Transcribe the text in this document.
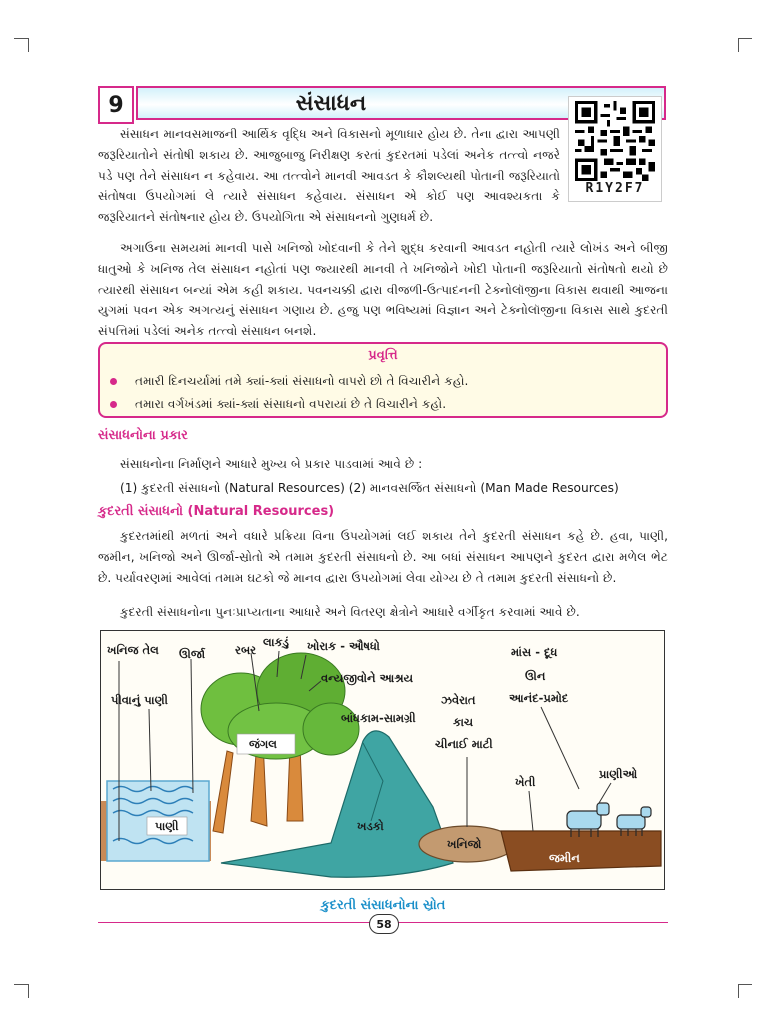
9	સંસાધન
R1Y2F7

સંસાધન માનવસમાજની આર્થિક વૃદ્ધિ અને વિકાસનો મૂળાધાર હોય છે. તેના દ્વારા આપણી જરૂરિયાતોને સંતોષી શકાય છે. આજુબાજુ નિરીક્ષણ કરતાં કુદરતમાં પડેલાં અનેક તત્ત્વો નજરે પડે પણ તેને સંસાધન ન કહેવાય. આ તત્ત્વોને માનવી આવડત કે કૌશલ્યથી પોતાની જરૂરિયાતો સંતોષવા ઉપયોગમાં લે ત્યારે સંસાધન કહેવાય. સંસાધન એ કોઈ પણ આવશ્યકતા કે જરૂરિયાતને સંતોષનાર હોય છે. ઉપયોગિતા એ સંસાધનનો ગુણધર્મ છે.

અગાઉના સમયમાં માનવી પાસે ખનિજો ખોદવાની કે તેને શુદ્ધ કરવાની આવડત નહોતી ત્યારે લોખંડ અને બીજી ધાતુઓ કે ખનિજ તેલ સંસાધન નહોતાં પણ જ્યારથી માનવી તે ખનિજોને ખોદી પોતાની જરૂરિયાતો સંતોષતો થયો છે ત્યારથી સંસાધન બન્યાં એમ કહી શકાય. પવનચક્કી દ્વારા વીજળી-ઉત્પાદનની ટેક્નોલૉજીના વિકાસ થવાથી આજના યુગમાં પવન એક અગત્યનું સંસાધન ગણાય છે. હજુ પણ ભવિષ્યમાં વિજ્ઞાન અને ટેક્નોલૉજીના વિકાસ સાથે કુદરતી સંપત્તિમાં પડેલાં અનેક તત્ત્વો સંસાધન બનશે.

પ્રવૃત્તિ
તમારી દિનચર્યામાં તમે ક્યાં-ક્યાં સંસાધનો વાપરો છો તે વિચારીને કહો.
તમારા વર્ગખંડમાં ક્યાં-ક્યાં સંસાધનો વપરાયાં છે તે વિચારીને કહો.
સંસાધનોના પ્રકાર
સંસાધનોના નિર્માણને આધારે મુખ્ય બે પ્રકાર પાડવામાં આવે છે :
(1) કુદરતી સંસાધનો (Natural Resources) (2) માનવસર્જિત સંસાધનો (Man Made Resources)
કુદરતી સંસાધનો (Natural Resources)

કુદરતમાંથી મળતાં અને વધારે પ્રક્રિયા વિના ઉપયોગમાં લઈ શકાય તેને કુદરતી સંસાધન કહે છે. હવા, પાણી, જમીન, ખનિજો અને ઊર્જા-સ્રોતો એ તમામ કુદરતી સંસાધનો છે. આ બધાં સંસાધન આપણને કુદરત દ્વારા મળેલ ભેટ છે. પર્યાવરણમાં આવેલાં તમામ ઘટકો જે માનવ દ્વારા ઉપયોગમાં લેવા યોગ્ય છે તે તમામ કુદરતી સંસાધનો છે.

કુદરતી સંસાધનોના પુનઃપ્રાપ્યતાના આધારે અને વિતરણ ક્ષેત્રોને આધારે વર્ગીકૃત કરવામાં આવે છે.

ખનિજ તેલ ઊર્જા	રબર
લાકડું ખોરાક - ઔષધો
વન્યજીવોને આશ્રય
પીવાનું પાણી
જંગલ
બાંધકામ-સામગ્રી
ઝવેરાત
કાચ
ચીનાઈ માટી
માંસ - દૂધ
ઊન
આનંદ-પ્રમોદ
ખેતી
પ્રાણીઓ
પાણી	ખડકો
ખનિજો
જમીન
કુદરતી સંસાધનોના સ્રોત
58
